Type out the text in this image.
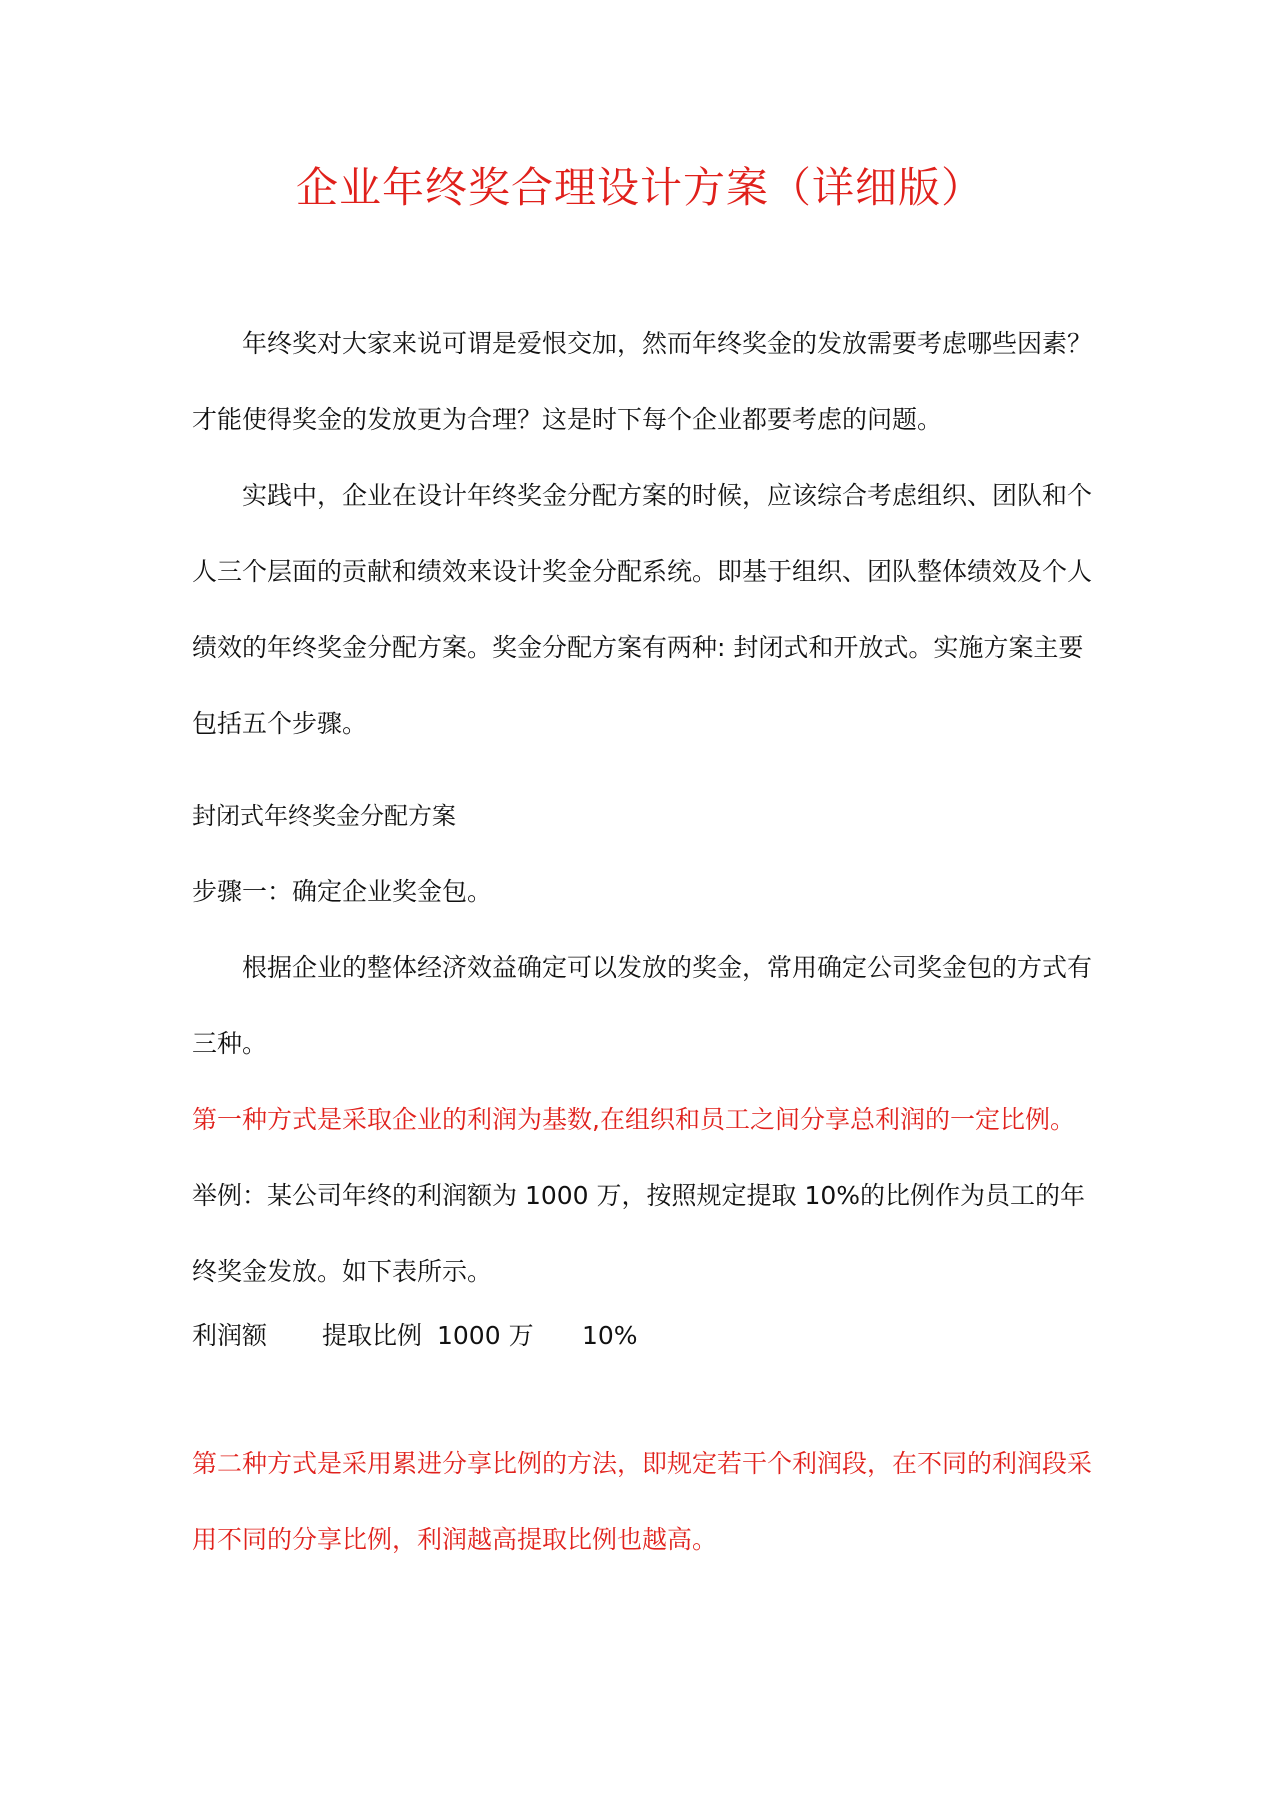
企业年终奖合理设计方案（详细版）

年终奖对大家来说可谓是爱恨交加，然而年终奖金的发放需要考虑哪些因素？才能使得奖金的发放更为合理？这是时下每个企业都要考虑的问题。

实践中，企业在设计年终奖金分配方案的时候，应该综合考虑组织、团队和个人三个层面的贡献和绩效来设计奖金分配系统。即基于组织、团队整体绩效及个人绩效的年终奖金分配方案。奖金分配方案有两种: 封闭式和开放式。实施方案主要包括五个步骤。

封闭式年终奖金分配方案

步骤一：确定企业奖金包。

根据企业的整体经济效益确定可以发放的奖金，常用确定公司奖金包的方式有三种。

第一种方式是采取企业的利润为基数,在组织和员工之间分享总利润的一定比例。

举例：某公司年终的利润额为 1000 万，按照规定提取 10%的比例作为员工的年终奖金发放。如下表所示。

利润额 提取比例 1000 万 10%

第二种方式是采用累进分享比例的方法，即规定若干个利润段，在不同的利润段采用不同的分享比例，利润越高提取比例也越高。
